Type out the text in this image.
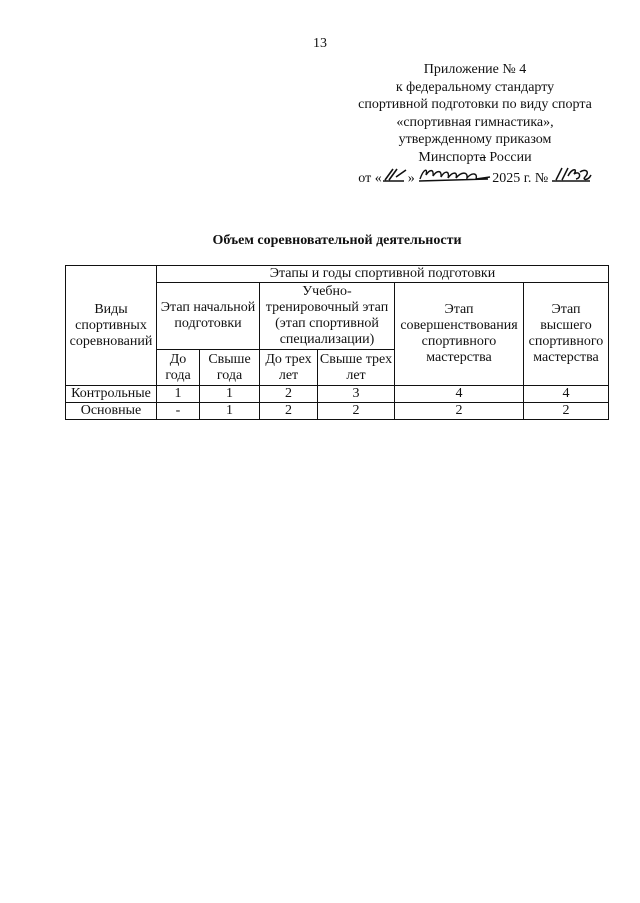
13
Приложение № 4
к федеральному стандарту
спортивной подготовки по виду спорта
«спортивная гимнастика»,
утвержденному приказом
Минспорта России
от « »	2025 г. №
Объем соревновательной деятельности
Виды спортивных соревнований	Этапы и годы спортивной подготовки					
	Этап начальной подготовки		Учебно-тренировочный этап (этап спортивной специализации)		Этап совершенствования спортивного мастерства	Этап высшего спортивного мастерства
	До года	Свыше года	До трех лет	Свыше трех лет		
Контрольные	1	1	2	3	4	4
Основные	-	1	2	2	2	2
